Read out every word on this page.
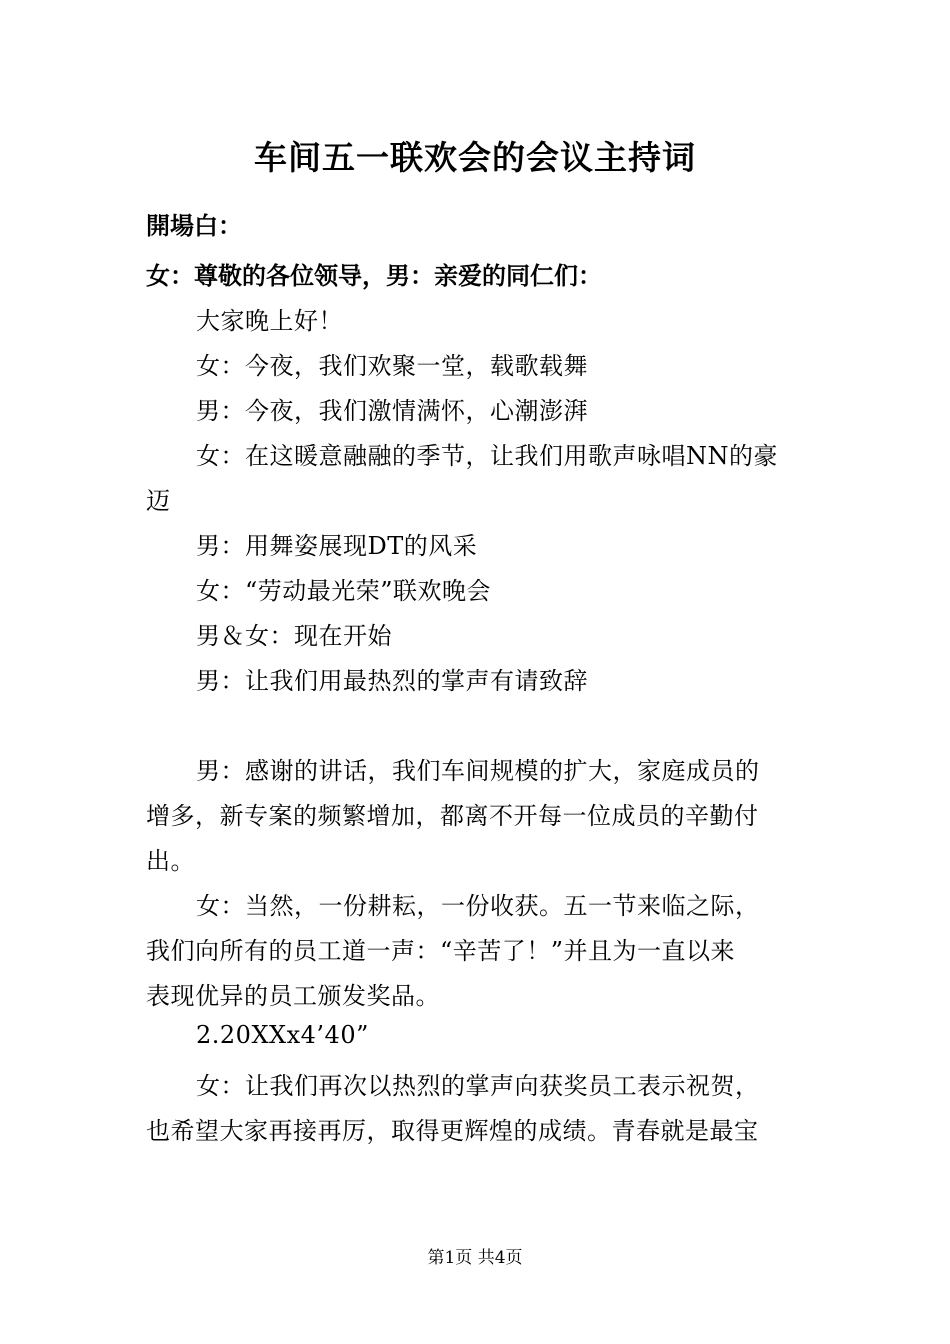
车间五一联欢会的会议主持词
開場白：
女：尊敬的各位领导，男：亲爱的同仁们：
大家晚上好！
女：今夜，我们欢聚一堂，载歌载舞
男：今夜，我们激情满怀，心潮澎湃
女：在这暖意融融的季节，让我们用歌声咏唱NN的豪
迈
男：用舞姿展现DT的风采
女：“劳动最光荣”联欢晚会
男＆女：现在开始
男：让我们用最热烈的掌声有请致辞
男：感谢的讲话，我们车间规模的扩大，家庭成员的
增多，新专案的频繁增加，都离不开每一位成员的辛勤付
出。
女：当然，一份耕耘，一份收获。五一节来临之际，
我们向所有的员工道一声：“辛苦了！”并且为一直以来
表现优异的员工颁发奖品。
2.20XXx4’40”
女：让我们再次以热烈的掌声向获奖员工表示祝贺，
也希望大家再接再厉，取得更辉煌的成绩。青春就是最宝
第1页 共4页
